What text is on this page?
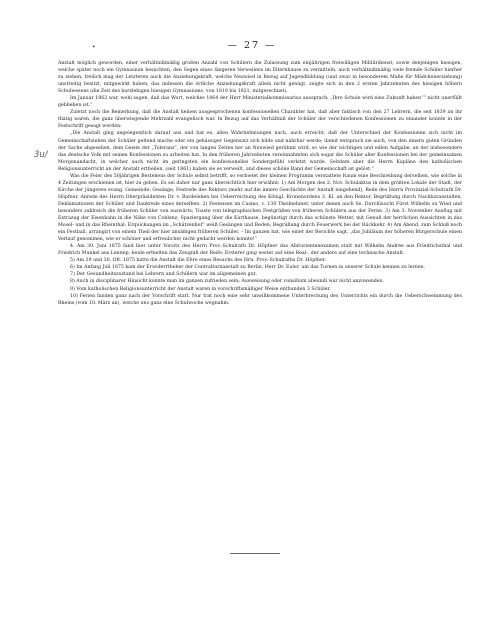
•	— 27 —
3u/

Anstalt möglich geworden, einer verhältnißmäßig großen Anzahl von Schülern die Zulassung zum einjährigen freiwilligen Militärdienst, sowie denjenigen hiesigen, welche später noch ein Gymnasium besuchten, den Segen eines längeren Verweilens im Elternhause zu vermitteln, auch verhältnißmäßig viele fremde Schüler hierher zu ziehen; freilich mag der Letzteren auch die Anziehungskraft, welche Neuwied in Bezug auf Jugendbildung (und zwar in besonderem Maße für Mädchenerziehung) unstreitig besitzt, mitgewirkt haben; das indessen die örtliche Anziehungskraft allein nicht genügt, zeigte sich in den 2 ersten Jahrzehnten des hiesigen höhern Schulwesens (die Zeit des kurzlebigen hiesigen Gymnasiums, von 1819 bis 1821, mitgerechnet).

Im Januar 1862 war, wohl sagen, daß das Wort, welches 1864 der Herr Ministerialkommissarius aussprach: „Ihre Schule wird eine Zukunft haben““ nicht unerfüllt geblieben ist.“

Zuletzt noch die Bemerkung, daß die Anstalt keinen ausgesprochenen konfessionellen Charakter hat, daß aber faktisch von den 27 Lehrern, die seit 1839 an ihr thätig waren, die ganz überwiegende Mehrzahl evangelisch war. In Bezug auf das Verhältniß der Schüler der verschiedenen Konfessionen zu einander konnte in der Festschrift gesagt werden:

„Die Anstalt ging angelegentlich darauf aus und hat es, allen Wahrnehmungen nach, auch erreicht, daß der Unterschied der Konfessionen sich nicht im Gemeinschaftsleben der Schüler geltend mache oder ein gehässiger Gegensatz sich bilde und nährbar werde; damit entsprach sie auch, von den innern guten Gründen der Sache abgesehen, dem Geiste der „Toleranz“, der von langen Zeiten her an Neuwied gerühmt wird, so wie der wichtigen und edlen Aufgabe, an der insbesondere das deutsche Volk mit seinen Konfessionen zu arbeiten hat. In den früheren Jahrzehnten vereinnahmten sich sogar die Schüler aller Konfessionen bei der gemeinsamen Morgenandacht, in welcher auch nicht im geringsten ein konfessionelles Sondergefühl verletzt wurde. Seitdem aber die Herrn Kapläne den katholischen Religionsunterricht an der Anstalt ertheilen, (seit 1861) haben sie es verweilt, und dieses schöne Band der Gemeinschaft ist gelöst.“

Was die Feier des 50jährigen Bestehens der Schule selbst betrifft, so verbietet der kleinen Programm verstattete Raum eine Beschreibung derselben, wie solche in 4 Zeitungen erschienen ist, hier zu geben. Es sei daher nur ganz übersichtlich hier erwähnt: 1) Am Morgen des 2. Nov. Schulaktus in dem größten Lokale der Stadt, der Kirche der jüngeren evang. Gemeinde: Gesänge, Festrede des Rektors (mehr auf die innere Geschichte der Anstalt eingehend), Rede des Herrn Provinzial-Schulrath Dr. Höpfner, Anrede des Herrn Oberpräsidenten Dr. v. Bardeleben bei Ueberreichung des Königl. Kronenordens 3. Kl. an den Rektor, Begrüßung durch Nachbaranstalten, Deklamationen der Schüler und Dankrede eines derselben. 2) Festessen im Casino, c. 130 Theilnehmer, unter denen auch Se. Durchlaucht Fürst Wilhelm zu Wied und besonders zahlreich die früheren Schüler von auswärts; Toaste von telegraphischen Festgrüßen von früheren Schülern aus der Ferne. 3) Am 3. November Ausflug mit Extrazug der Eisenbahn in die Nähe von Coblenz; Spaziergang über die Karthause, begünstigt durch das schönste Wetter, mit Genuß der herrlichen Aussichten in das Mosel- und in das Rheinthal; Erquickungen im „Schützenhof“ weiß Gesängen und Reden; Begrüßung durch Feuerwerk bei der Rückkehr. 4) Am Abend, zum Schluß noch ein Festball, arrangirt von einem Theil der hier ansäßigen früheren Schüler. – Im ganzen hat, wie einer der Berichte sagt, „das Jubiläum der höheren Bürgerschule einen Verlauf genommen, wie er schöner und erfreulicher nicht gedacht werden konnte!“

4. Am 30. Juni 1875 fand hier unter Vorsitz des Herrn Prov.-Schulrath Dr. Höpfner das Abiturientenexamen statt mit Wilhelm Andrée aus Friedrichsthal und Friedrich Munkel aus Lennep; beide erhielten das Zeugniß der Reife; Ersterer ging weiter auf eine Real-, der andere auf eine technische Anstalt.

5) Am 29 und 30. Oft. 1875 hatte die Anstalt die Ehre eines Besuchs des Hrn. Prov.-Schulraths Dr. Höpfner.

6) Im Anfang Juli 1875 kam der Erwiderrtheber der Centralturnanstalt zu Berlin, Herr Dr. Euler, um das Turnen in unserer Schule kennen zu lernen.

7) Der Gesundheitszustand bei Lehrern und Schülern war im allgemeinen gut.

8) Auch in disciplinarer Hinsicht konnte man im ganzen zufrieden sein; Ausweisung oder consilium abeundi war nicht anzuwenden.

9) Vom katholischen Religionsunterricht der Anstalt waren in vorschriftsmäßiger Weise entbunden 3 Schüler.

10) Ferien fanden ganz nach der Vorschrift statt. Nur trat noch eine sehr unwillkommene Unterbrechung des Unterrichts ein durch die Ueberschwemmung des Rheins (vom 10. März an), welche uns ganz eine Schulwoche wegnahm.
